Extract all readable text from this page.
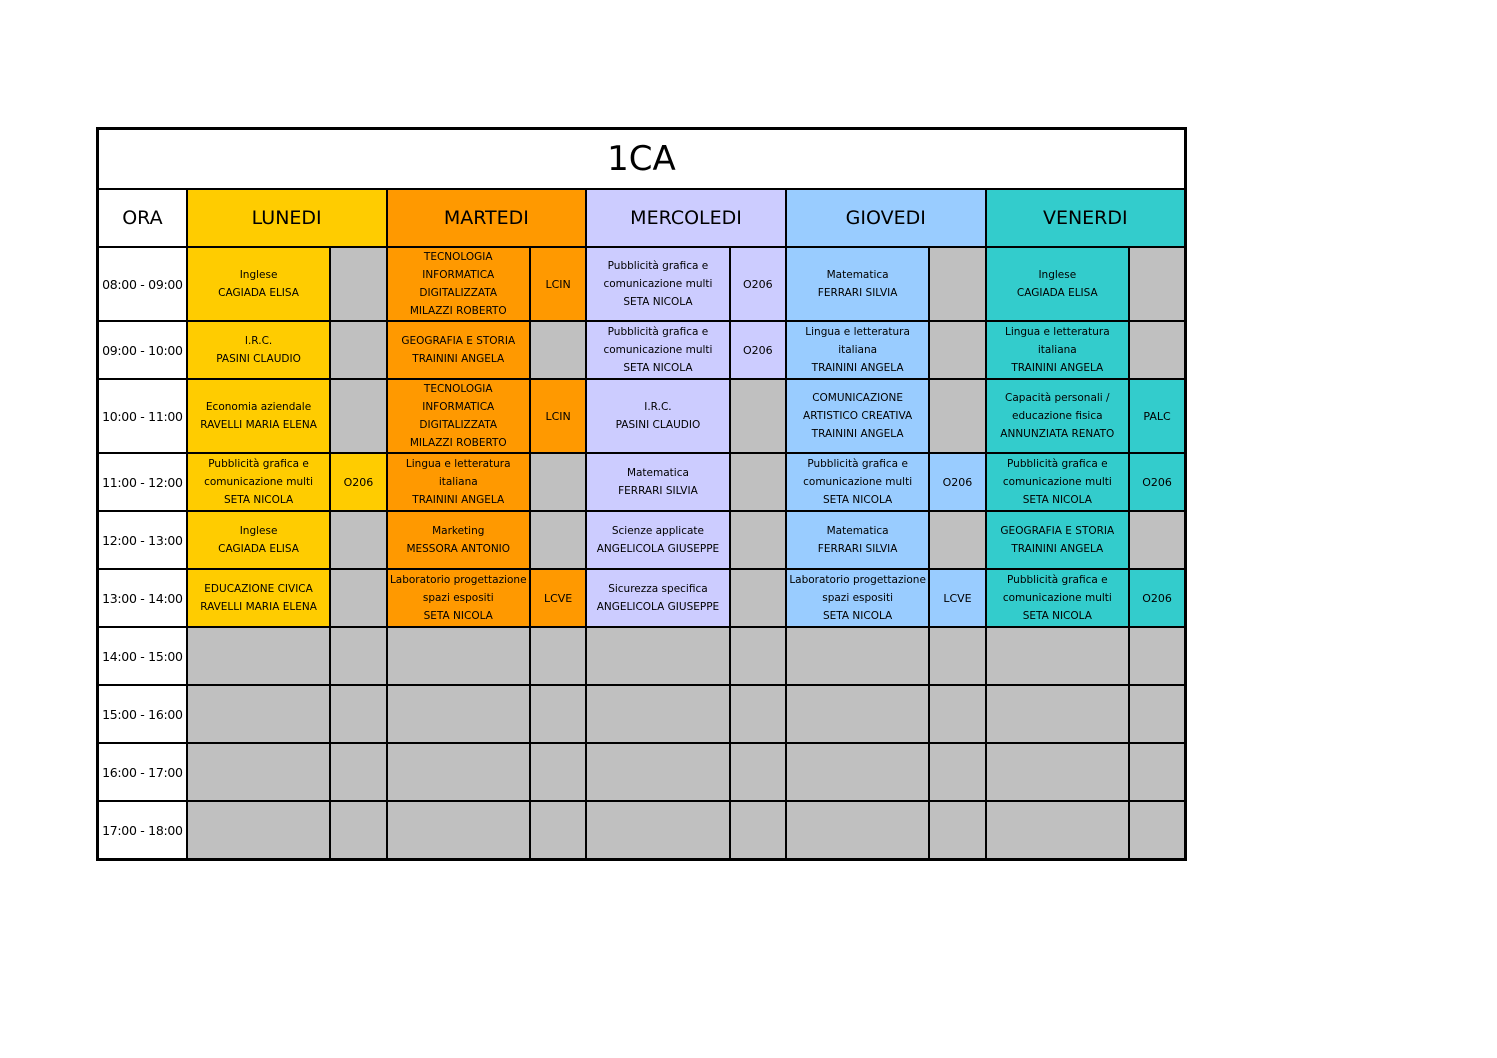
1CA										
ORA	LUNEDI		MARTEDI		MERCOLEDI		GIOVEDI		VENERDI	
08:00 - 09:00	Inglese
CAGIADA ELISA		TECNOLOGIA
INFORMATICA
DIGITALIZZATA
MILAZZI ROBERTO	LCIN	Pubblicità grafica e
comunicazione multi
SETA NICOLA	O206	Matematica
FERRARI SILVIA		Inglese
CAGIADA ELISA	

09:00 - 10:00	I.R.C.
PASINI CLAUDIO		GEOGRAFIA E STORIA
TRAININI ANGELA		Pubblicità grafica e
comunicazione multi
SETA NICOLA	O206	Lingua e letteratura
italiana
TRAININI ANGELA		Lingua e letteratura
italiana
TRAININI ANGELA	

10:00 - 11:00	Economia aziendale
RAVELLI MARIA ELENA		TECNOLOGIA
INFORMATICA
DIGITALIZZATA
MILAZZI ROBERTO	LCIN	I.R.C.
PASINI CLAUDIO		COMUNICAZIONE
ARTISTICO CREATIVA
TRAININI ANGELA		Capacità personali /
educazione fisica
ANNUNZIATA RENATO	PALC
11:00 - 12:00	Pubblicità grafica e
comunicazione multi
SETA NICOLA	O206	Lingua e letteratura
italiana
TRAININI ANGELA		Matematica
FERRARI SILVIA		Pubblicità grafica e
comunicazione multi
SETA NICOLA	O206	Pubblicità grafica e
comunicazione multi
SETA NICOLA	O206
12:00 - 13:00	Inglese
CAGIADA ELISA		Marketing
MESSORA ANTONIO		Scienze applicate
ANGELICOLA GIUSEPPE		Matematica
FERRARI SILVIA		GEOGRAFIA E STORIA
TRAININI ANGELA	

13:00 - 14:00	EDUCAZIONE CIVICA
RAVELLI MARIA ELENA		Laboratorio progettazione
spazi espositi
SETA NICOLA	LCVE	Sicurezza specifica
ANGELICOLA GIUSEPPE		Laboratorio progettazione
spazi espositi
SETA NICOLA	LCVE	Pubblicità grafica e
comunicazione multi
SETA NICOLA	O206
14:00 - 15:00										
15:00 - 16:00										
16:00 - 17:00										
17:00 - 18:00										
